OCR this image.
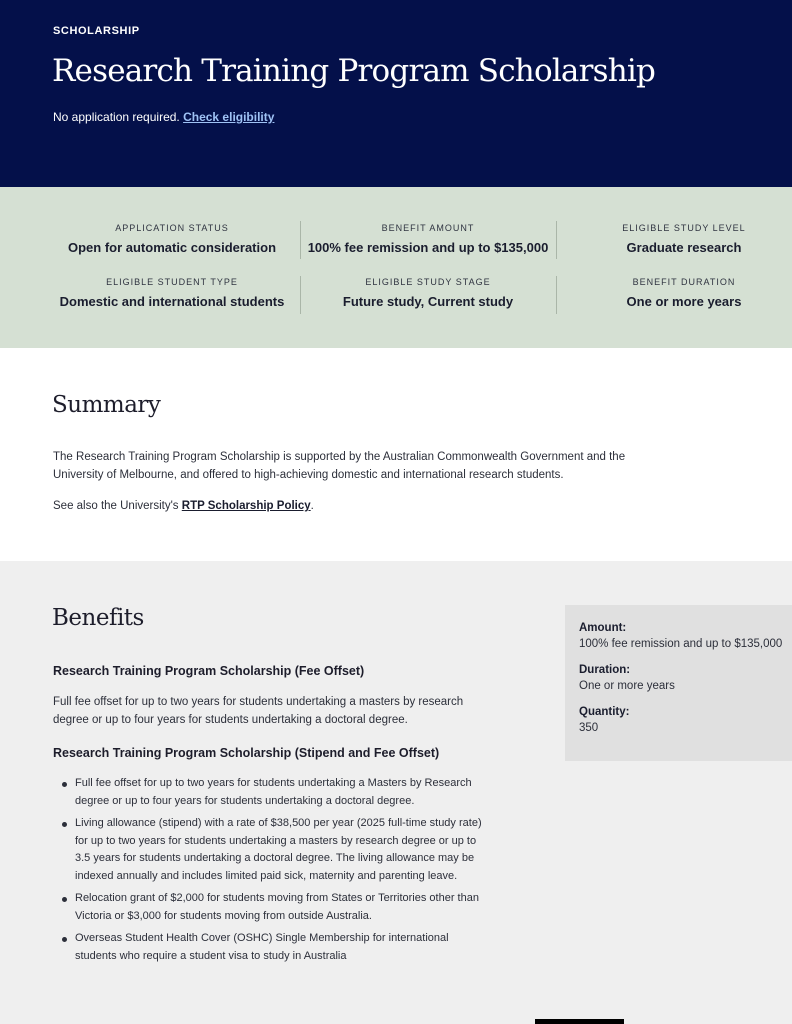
SCHOLARSHIP
Research Training Program Scholarship
No application required. Check eligibility
APPLICATION STATUS
Open for automatic consideration
BENEFIT AMOUNT
100% fee remission and up to $135,000
ELIGIBLE STUDY LEVEL
Graduate research
ELIGIBLE STUDENT TYPE
Domestic and international students
ELIGIBLE STUDY STAGE
Future study, Current study
BENEFIT DURATION
One or more years
Summary

The Research Training Program Scholarship is supported by the Australian Commonwealth Government and the University of Melbourne, and offered to high-achieving domestic and international research students.

See also the University's RTP Scholarship Policy.

Benefits
Research Training Program Scholarship (Fee Offset)

Full fee offset for up to two years for students undertaking a masters by research degree or up to four years for students undertaking a doctoral degree.

Research Training Program Scholarship (Stipend and Fee Offset)
Full fee offset for up to two years for students undertaking a Masters by Research degree or up to four years for students undertaking a doctoral degree.
Living allowance (stipend) with a rate of $38,500 per year (2025 full-time study rate) for up to two years for students undertaking a masters by research degree or up to 3.5 years for students undertaking a doctoral degree. The living allowance may be indexed annually and includes limited paid sick, maternity and parenting leave.
Relocation grant of $2,000 for students moving from States or Territories other than Victoria or $3,000 for students moving from outside Australia.
Overseas Student Health Cover (OSHC) Single Membership for international students who require a student visa to study in Australia
Amount:
100% fee remission and up to $135,000
Duration:
One or more years
Quantity:
350
